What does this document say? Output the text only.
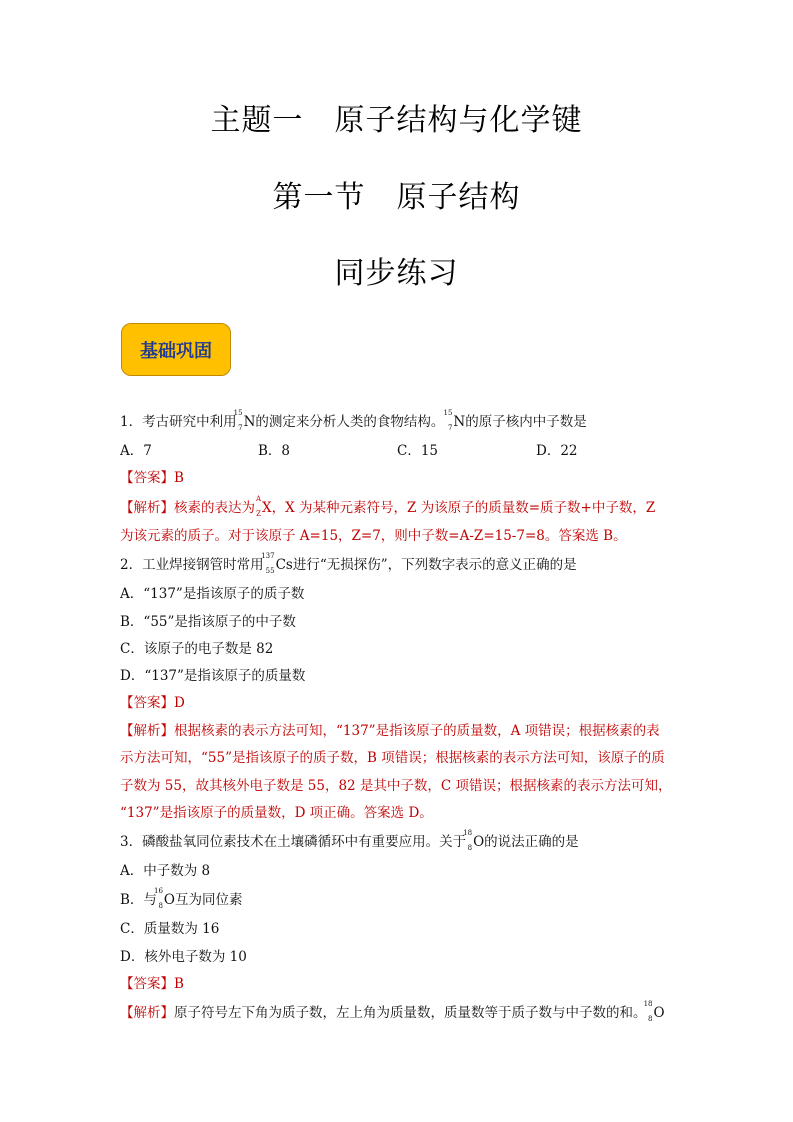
主题一　原子结构与化学键
第一节　原子结构
同步练习
基础巩固
1．考古研究中利用
15
7 N的测定来分析人类的食物结构。
15
7 N的原子核内中子数是
A．7	B．8	C．15	D．22
【答案】B
【解析】核素的表达为
A
Z X，X 为某种元素符号，Z 为该原子的质量数=质子数+中子数，Z
为该元素的质子。对于该原子 A=15，Z=7，则中子数=A-Z=15-7=8。答案选 B。
2．工业焊接钢管时常用
137
55 Cs进行“无损探伤”，下列数字表示的意义正确的是
A．“137”是指该原子的质子数
B．“55”是指该原子的中子数
C．该原子的电子数是 82
D．“137”是指该原子的质量数
【答案】D
【解析】根据核素的表示方法可知，“137”是指该原子的质量数，A 项错误；根据核素的表
示方法可知，“55”是指该原子的质子数，B 项错误；根据核素的表示方法可知，该原子的质
子数为 55，故其核外电子数是 55，82 是其中子数，C 项错误；根据核素的表示方法可知，
“137”是指该原子的质量数，D 项正确。答案选 D。
3．磷酸盐氧同位素技术在土壤磷循环中有重要应用。关于
18
8 O的说法正确的是
A．中子数为 8
B．与
16
8 O互为同位素
C．质量数为 16
D．核外电子数为 10
【答案】B
【解析】原子符号左下角为质子数，左上角为质量数，质量数等于质子数与中子数的和。
18
8 O
